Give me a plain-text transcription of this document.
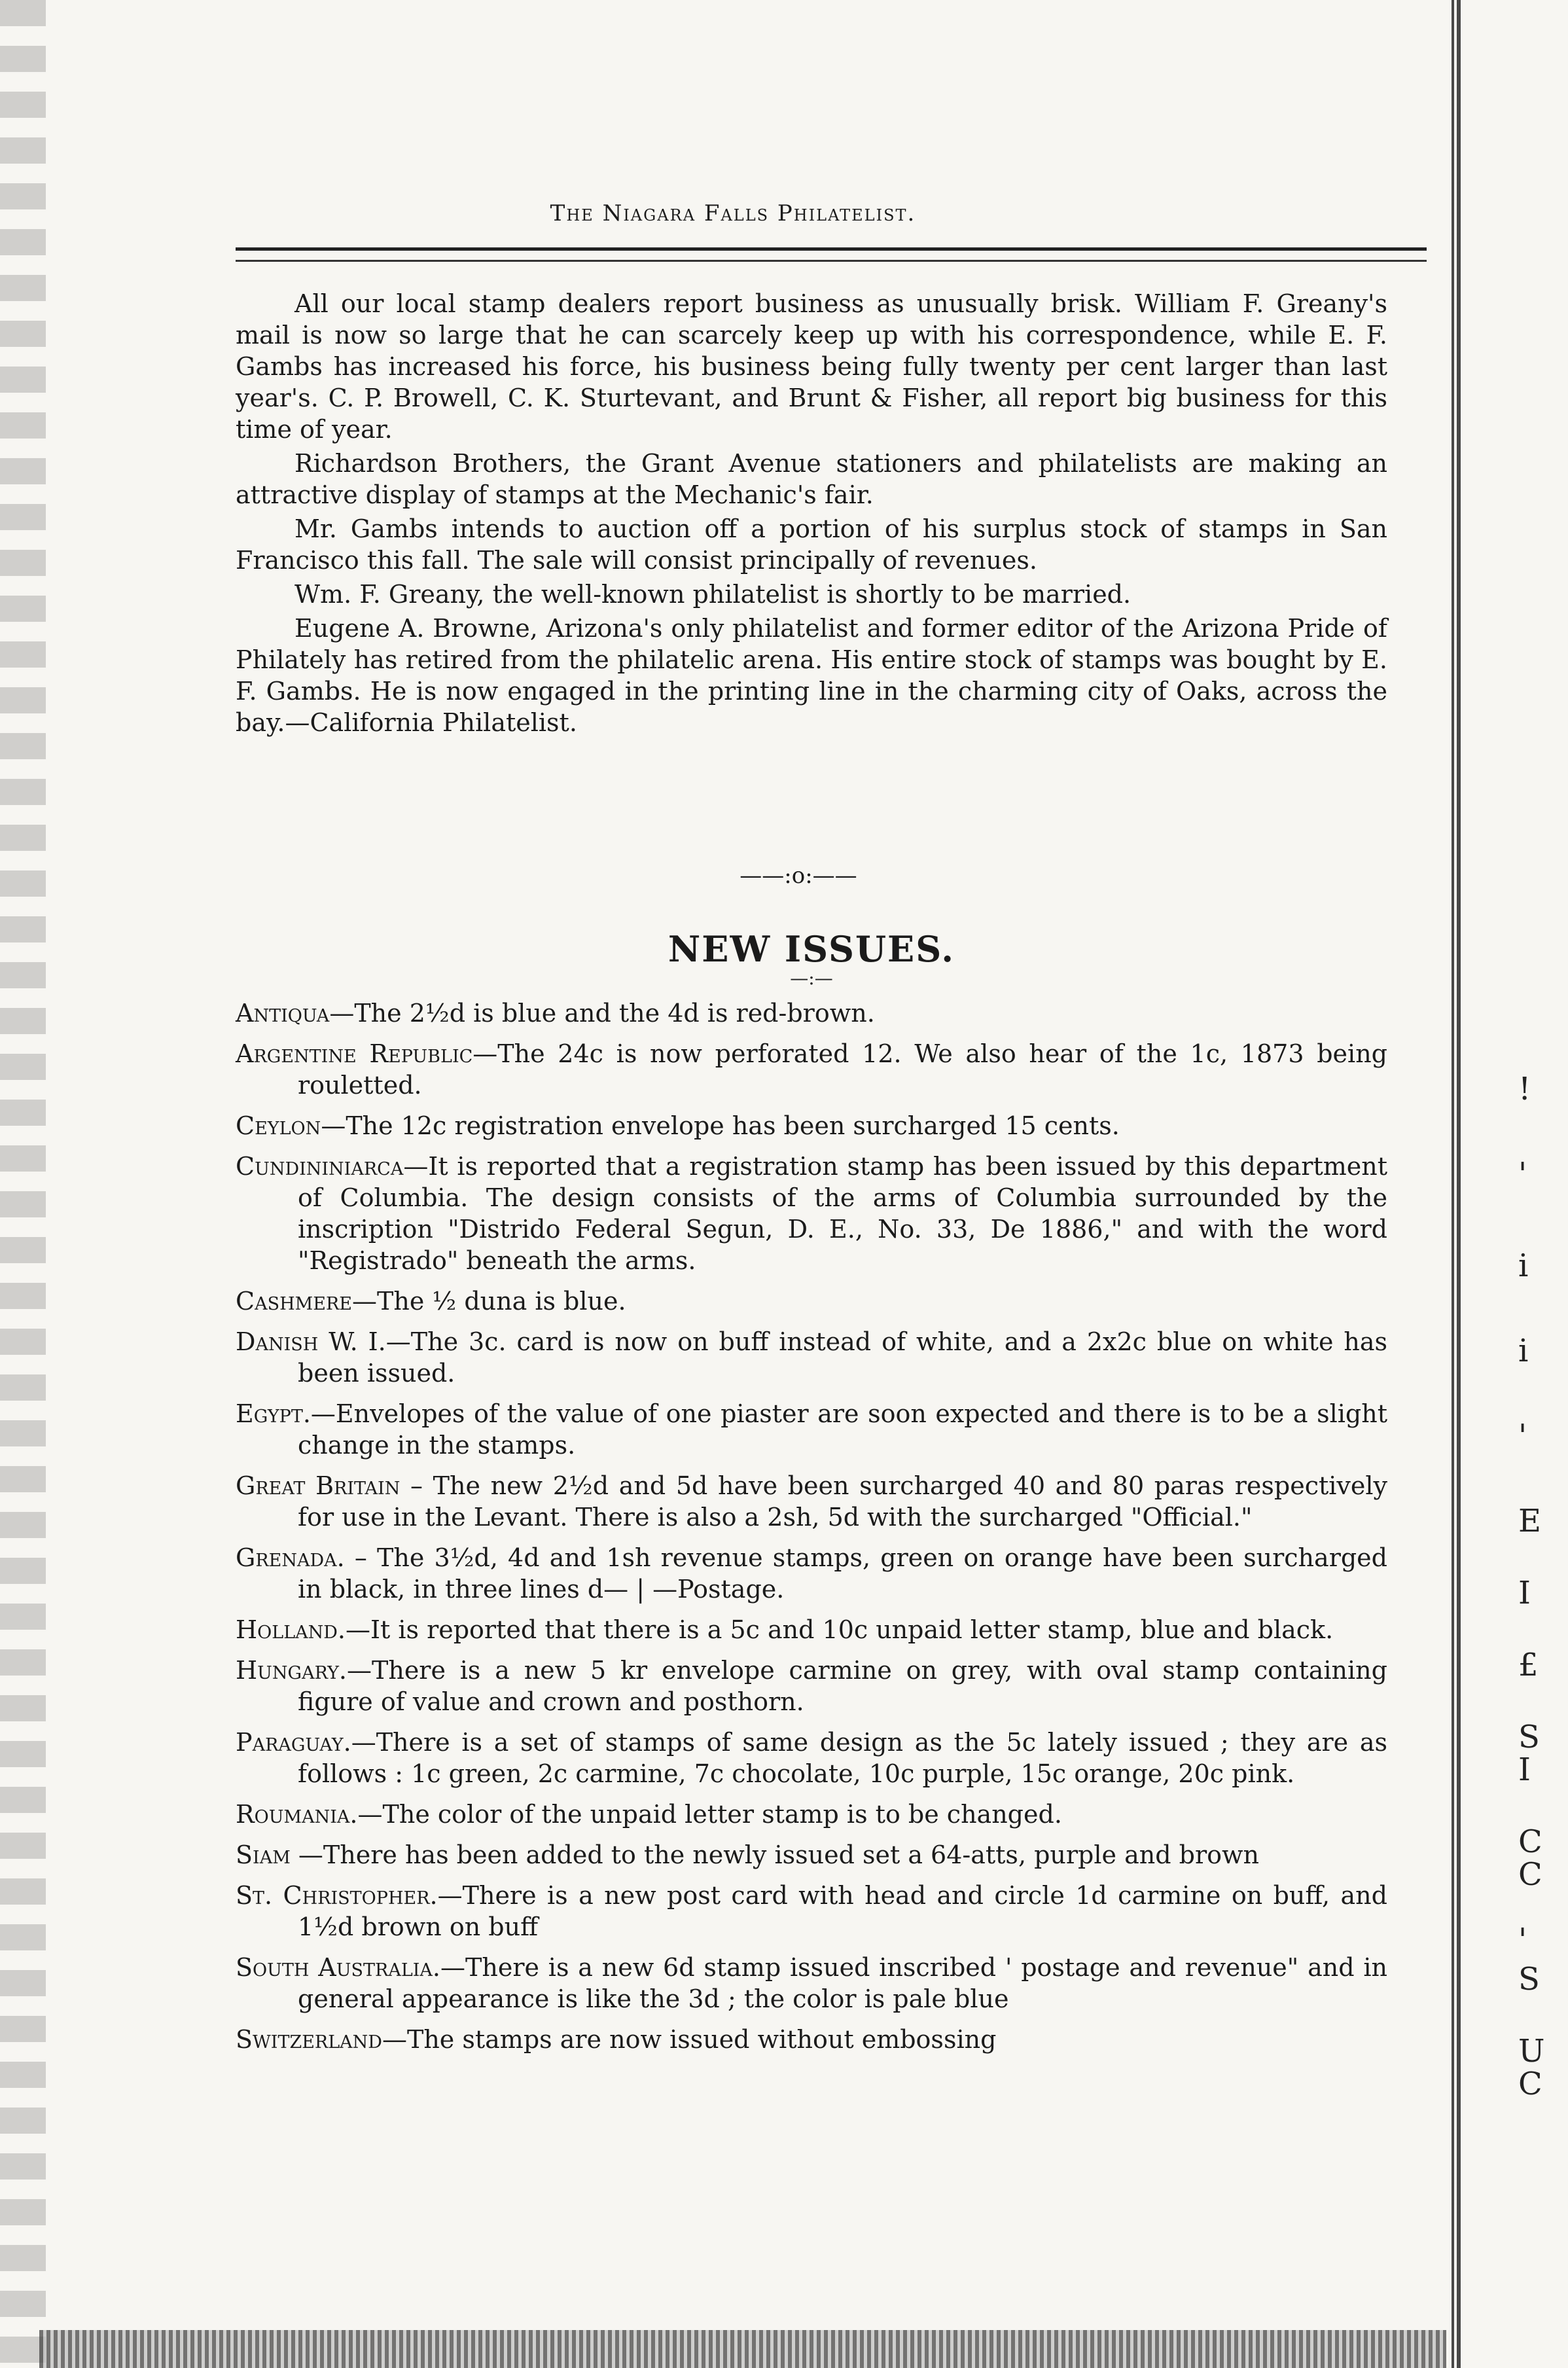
The Niagara Falls Philatelist.

All our local stamp dealers report business as unusually brisk. William F. Greany's mail is now so large that he can scarcely keep up with his correspondence, while E. F. Gambs has increased his force, his business being fully twenty per cent larger than last year's. C. P. Browell, C. K. Sturtevant, and Brunt & Fisher, all report big business for this time of year.

Richardson Brothers, the Grant Avenue stationers and philatelists are making an attractive display of stamps at the Mechanic's fair.

Mr. Gambs intends to auction off a portion of his surplus stock of stamps in San Francisco this fall. The sale will consist principally of revenues.

Wm. F. Greany, the well-known philatelist is shortly to be married.

Eugene A. Browne, Arizona's only philatelist and former editor of the Arizona Pride of Philately has retired from the philatelic arena. His entire stock of stamps was bought by E. F. Gambs. He is now engaged in the printing line in the charming city of Oaks, across the bay.—California Philatelist.

——:o:——
NEW ISSUES.
—:—

Antiqua—The 2½d is blue and the 4d is red-brown.

Argentine Republic—The 24c is now perforated 12. We also hear of the 1c, 1873 being rouletted.

Ceylon—The 12c registration envelope has been surcharged 15 cents.

Cundininiarca—It is reported that a registration stamp has been issued by this department of Columbia. The design consists of the arms of Columbia surrounded by the inscription "Distrido Federal Segun, D. E., No. 33, De 1886," and with the word "Registrado" beneath the arms.

Cashmere—The ½ duna is blue.

Danish W. I.—The 3c. card is now on buff instead of white, and a 2x2c blue on white has been issued.

Egypt.—Envelopes of the value of one piaster are soon expected and there is to be a slight change in the stamps.

Great Britain – The new 2½d and 5d have been surcharged 40 and 80 paras respectively for use in the Levant. There is also a 2sh, 5d with the surcharged "Official."

Grenada. – The 3½d, 4d and 1sh revenue stamps, green on orange have been surcharged in black, in three lines d— | —Postage.

Holland.—It is reported that there is a 5c and 10c unpaid letter stamp, blue and black.

Hungary.—There is a new 5 kr envelope carmine on grey, with oval stamp containing figure of value and crown and posthorn.

Paraguay.—There is a set of stamps of same design as the 5c lately issued ; they are as follows : 1c green, 2c carmine, 7c chocolate, 10c purple, 15c orange, 20c pink.

Roumania.—The color of the unpaid letter stamp is to be changed.

Siam —There has been added to the newly issued set a 64-atts, purple and brown

St. Christopher.—There is a new post card with head and circle 1d carmine on buff, and 1½d brown on buff

South Australia.—There is a new 6d stamp issued inscribed ' postage and revenue" and in general appearance is like the 3d ; the color is pale blue

Switzerland—The stamps are now issued without embossing

!
'
i
i
'
E
I
£
S
I
C
C
'
S
U
C
